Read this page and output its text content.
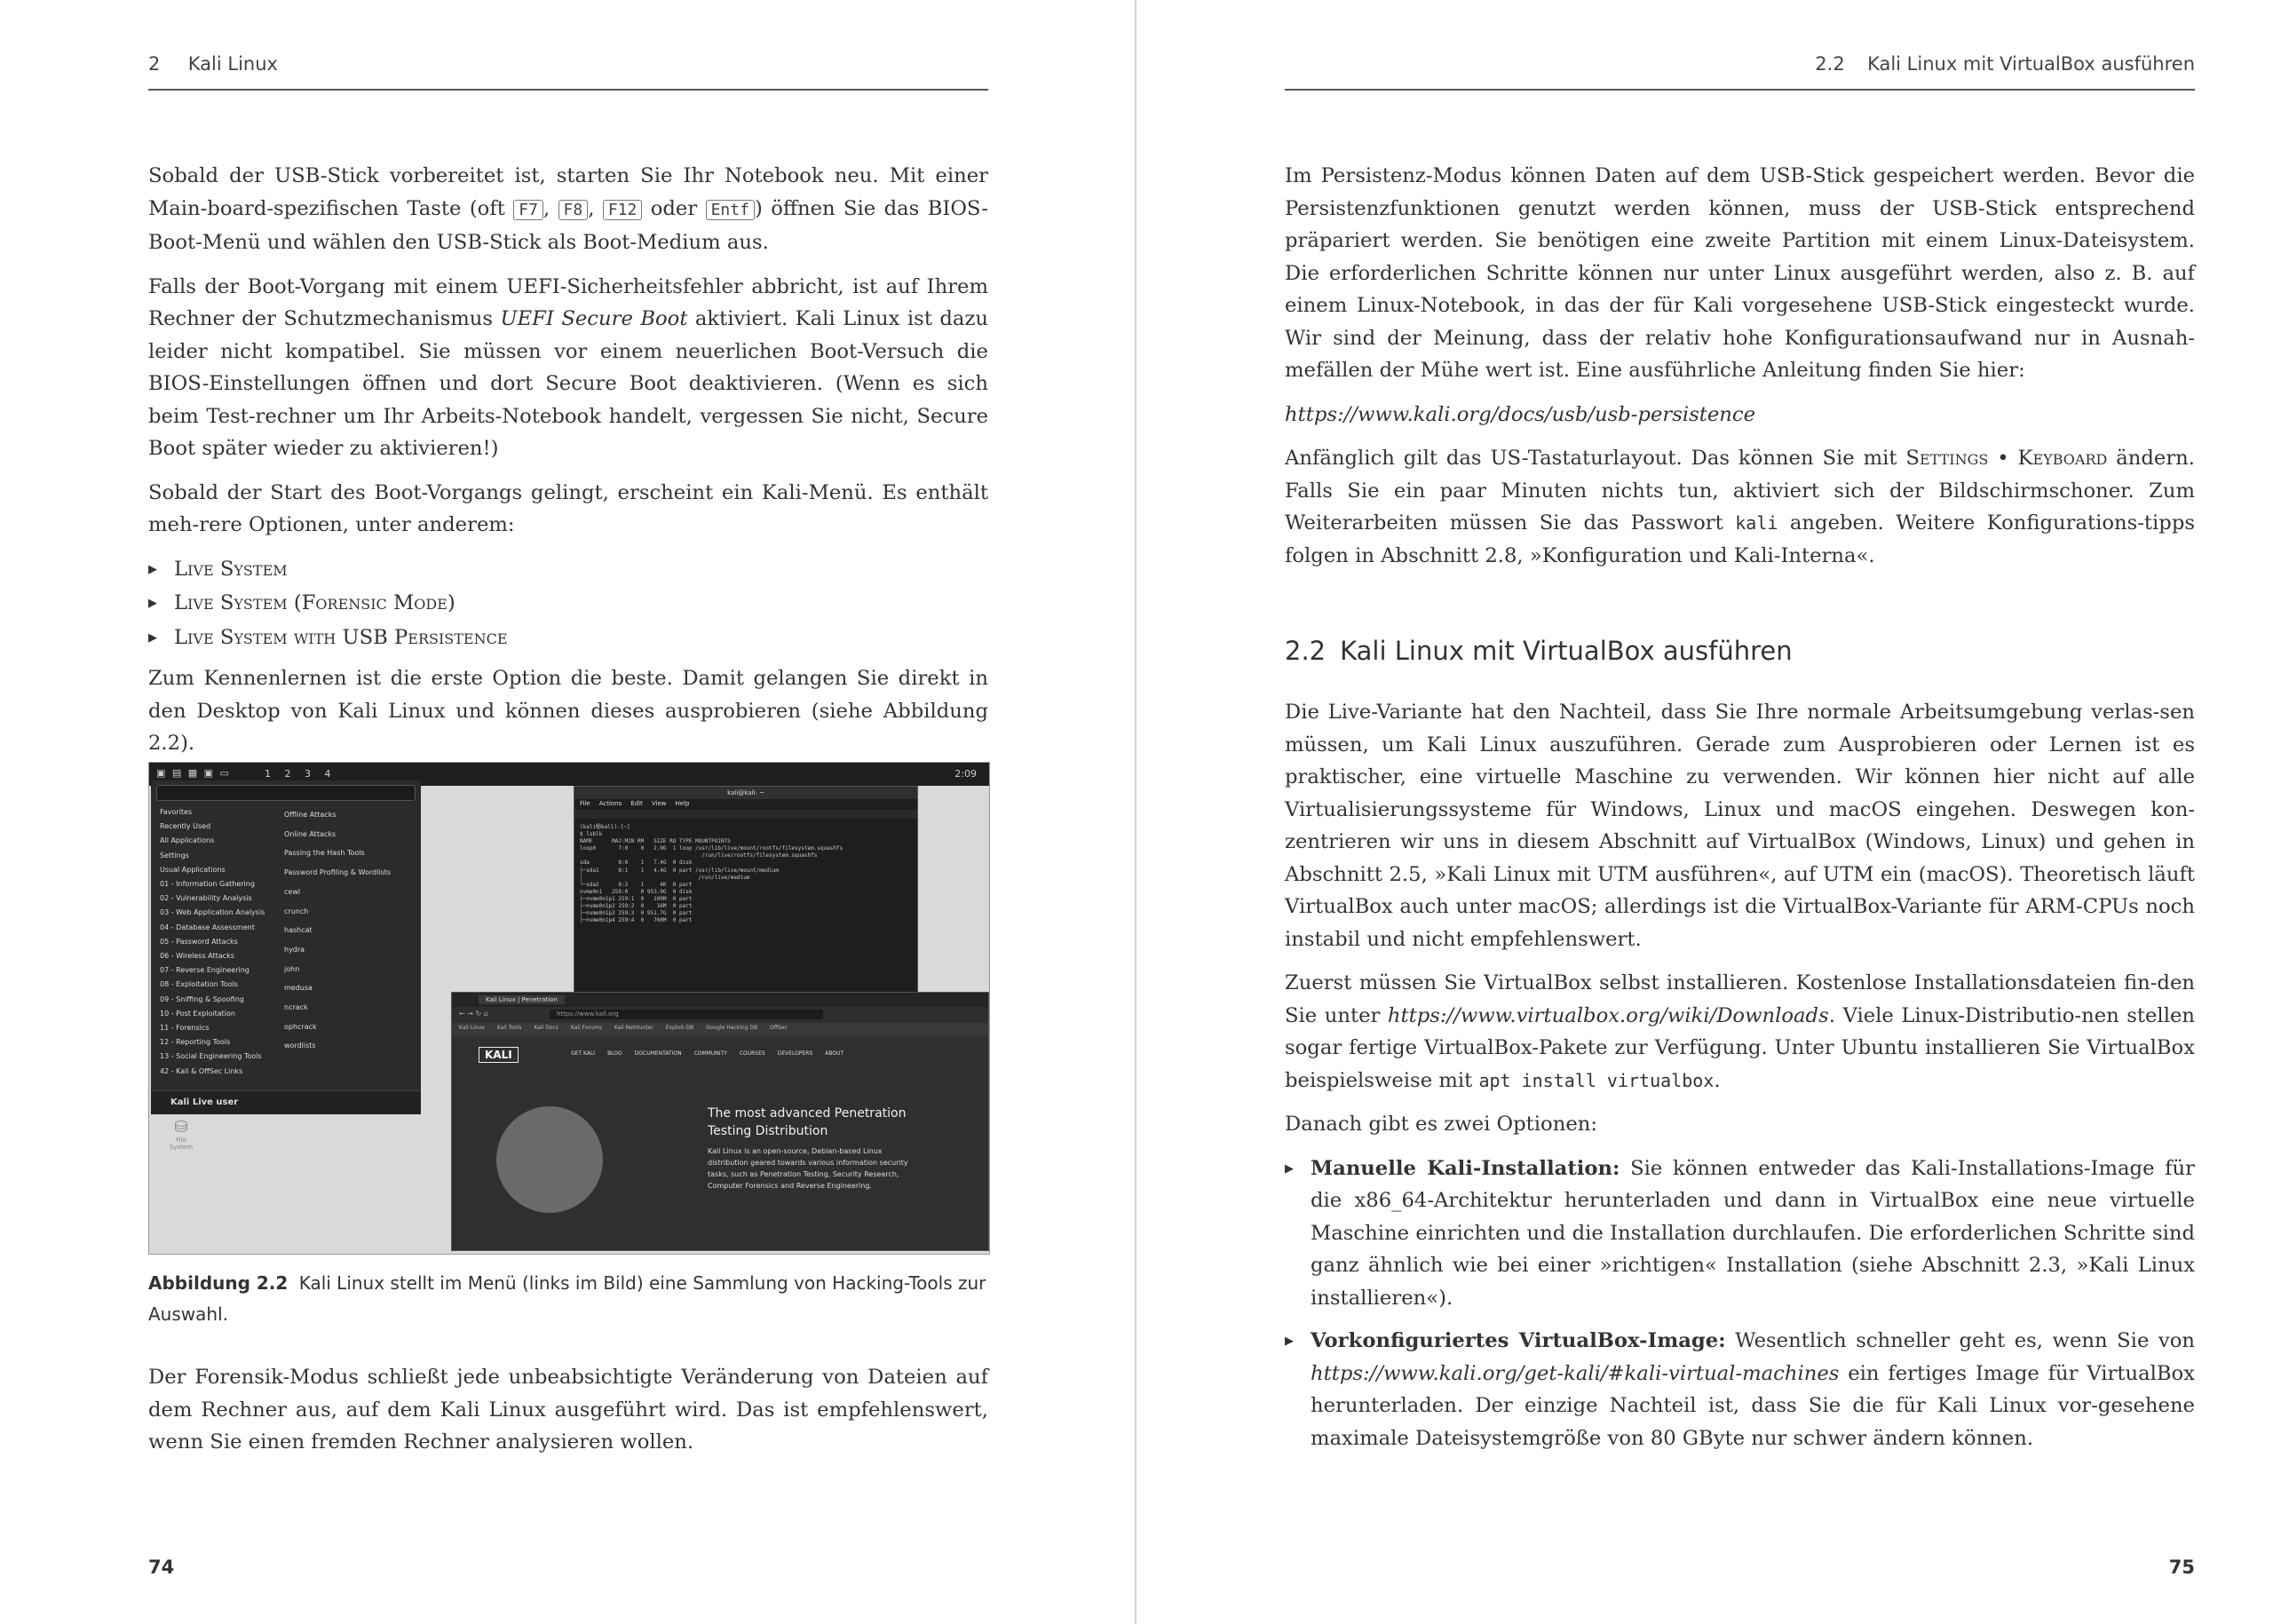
2 Kali Linux

Sobald der USB-Stick vorbereitet ist, starten Sie Ihr Notebook neu. Mit einer Main-board-spezifischen Taste (oft F7 , F8 , F12 oder Entf ) öffnen Sie das BIOS-Boot-Menü und wählen den USB-Stick als Boot-Medium aus.

Falls der Boot-Vorgang mit einem UEFI-Sicherheitsfehler abbricht, ist auf Ihrem Rechner der Schutzmechanismus UEFI Secure Boot aktiviert. Kali Linux ist dazu leider nicht kompatibel. Sie müssen vor einem neuerlichen Boot-Versuch die BIOS-Einstellungen öffnen und dort Secure Boot deaktivieren. (Wenn es sich beim Test-rechner um Ihr Arbeits-Notebook handelt, vergessen Sie nicht, Secure Boot später wieder zu aktivieren!)

Sobald der Start des Boot-Vorgangs gelingt, erscheint ein Kali-Menü. Es enthält meh-rere Optionen, unter anderem:

▶ Live System
▶ Live System (Forensic Mode)
▶ Live System with USB Persistence

Zum Kennenlernen ist die erste Option die beste. Damit gelangen Sie direkt in den Desktop von Kali Linux und können dieses ausprobieren (siehe Abbildung 2.2).

▣ ▤ ▦ ▣ ▭	1 2 3 4	2:09
Favorites
Recently Used
All Applications
Settings
Usual Applications
01 - Information Gathering
02 - Vulnerability Analysis
03 - Web Application Analysis
04 - Database Assessment
05 - Password Attacks
06 - Wireless Attacks
07 - Reverse Engineering
08 - Exploitation Tools
09 - Sniffing & Spoofing
10 - Post Exploitation
11 - Forensics
12 - Reporting Tools
13 - Social Engineering Tools
42 - Kali & OffSec Links
Offline Attacks
Online Attacks
Passing the Hash Tools
Password Profiling & Wordlists
cewl
crunch
hashcat
hydra
john
medusa
ncrack
ophcrack
wordlists
Kali Live user
kali@kali: ~
File Actions Edit View Help
(kali㉿kali)-[~]
$ lsblk
NAME      MAJ:MIN RM   SIZE RO TYPE MOUNTPOINTS
loop0       7:0    0   2.9G  1 loop /usr/lib/live/mount/rootfs/filesystem.squashfs
/run/live/rootfs/filesystem.squashfs
sda         8:0    1   7.4G  0 disk
├─sda1      8:1    1   4.4G  0 part /usr/lib/live/mount/medium
│                                    /run/live/medium
└─sda2      8:2    1     4K  0 part
nvme0n1   259:0    0 953.9G  0 disk
├─nvme0n1p1 259:1  0   100M  0 part
├─nvme0n1p2 259:2  0    16M  0 part
├─nvme0n1p3 259:3  0 951.7G  0 part
├─nvme0n1p4 259:4  0   760M  0 part
Kali Linux | Penetration
← → ↻ ⌂	https://www.kali.org
Kali Linux Kali Tools Kali Docs Kali Forums Kali NetHunter Exploit-DB Google Hacking DB OffSec
KALI	GET KALI BLOG DOCUMENTATION COMMUNITY COURSES DEVELOPERS ABOUT
The most advanced Penetration Testing Distribution
Kali Linux is an open-source, Debian-based Linux distribution geared towards various information security tasks, such as Penetration Testing, Security Research, Computer Forensics and Reverse Engineering.
⛁
File System
Abbildung 2.2 Kali Linux stellt im Menü (links im Bild) eine Sammlung von Hacking-Tools zur Auswahl.

Der Forensik-Modus schließt jede unbeabsichtigte Veränderung von Dateien auf dem Rechner aus, auf dem Kali Linux ausgeführt wird. Das ist empfehlenswert, wenn Sie einen fremden Rechner analysieren wollen.

74
2.2 Kali Linux mit VirtualBox ausführen

Im Persistenz-Modus können Daten auf dem USB-Stick gespeichert werden. Bevor die Persistenzfunktionen genutzt werden können, muss der USB-Stick entsprechend präpariert werden. Sie benötigen eine zweite Partition mit einem Linux-Dateisystem. Die erforderlichen Schritte können nur unter Linux ausgeführt werden, also z. B. auf einem Linux-Notebook, in das der für Kali vorgesehene USB-Stick eingesteckt wurde. Wir sind der Meinung, dass der relativ hohe Konfigurationsaufwand nur in Ausnah-mefällen der Mühe wert ist. Eine ausführliche Anleitung finden Sie hier:

https://www.kali.org/docs/usb/usb-persistence

Anfänglich gilt das US-Tastaturlayout. Das können Sie mit Settings • Keyboard ändern. Falls Sie ein paar Minuten nichts tun, aktiviert sich der Bildschirmschoner. Zum Weiterarbeiten müssen Sie das Passwort kali angeben. Weitere Konfigurations-tipps folgen in Abschnitt 2.8, »Konfiguration und Kali-Interna«.

2.2 Kali Linux mit VirtualBox ausführen

Die Live-Variante hat den Nachteil, dass Sie Ihre normale Arbeitsumgebung verlas-sen müssen, um Kali Linux auszuführen. Gerade zum Ausprobieren oder Lernen ist es praktischer, eine virtuelle Maschine zu verwenden. Wir können hier nicht auf alle Virtualisierungssysteme für Windows, Linux und macOS eingehen. Deswegen kon-zentrieren wir uns in diesem Abschnitt auf VirtualBox (Windows, Linux) und gehen in Abschnitt 2.5, »Kali Linux mit UTM ausführen«, auf UTM ein (macOS). Theoretisch läuft VirtualBox auch unter macOS; allerdings ist die VirtualBox-Variante für ARM-CPUs noch instabil und nicht empfehlenswert.

Zuerst müssen Sie VirtualBox selbst installieren. Kostenlose Installationsdateien fin-den Sie unter https://www.virtualbox.org/wiki/Downloads. Viele Linux-Distributio-nen stellen sogar fertige VirtualBox-Pakete zur Verfügung. Unter Ubuntu installieren Sie VirtualBox beispielsweise mit apt install virtualbox.

Danach gibt es zwei Optionen:

▶ Manuelle Kali-Installation: Sie können entweder das Kali-Installations-Image für die x86_64-Architektur herunterladen und dann in VirtualBox eine neue virtuelle Maschine einrichten und die Installation durchlaufen. Die erforderlichen Schritte sind ganz ähnlich wie bei einer »richtigen« Installation (siehe Abschnitt 2.3, »Kali Linux installieren«).
▶ Vorkonfiguriertes VirtualBox-Image: Wesentlich schneller geht es, wenn Sie von https://www.kali.org/get-kali/#kali-virtual-machines ein fertiges Image für VirtualBox herunterladen. Der einzige Nachteil ist, dass Sie die für Kali Linux vor-gesehene maximale Dateisystemgröße von 80 GByte nur schwer ändern können.
75
